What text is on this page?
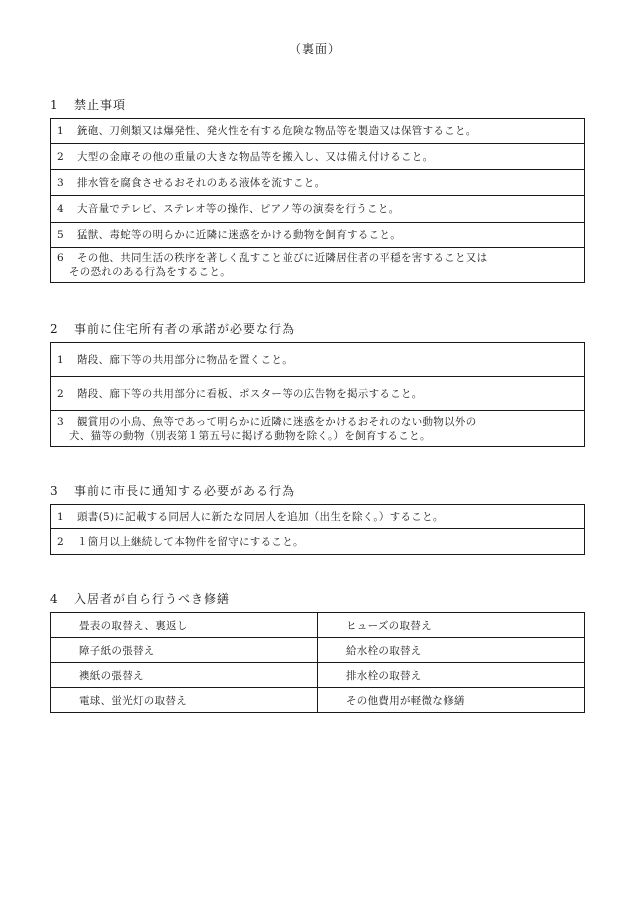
（裏面）
1 禁止事項
1 銃砲、刀剣類又は爆発性、発火性を有する危険な物品等を製造又は保管すること。
2 大型の金庫その他の重量の大きな物品等を搬入し、又は備え付けること。
3 排水管を腐食させるおそれのある液体を流すこと。
4 大音量でテレビ、ステレオ等の操作、ピアノ等の演奏を行うこと。
5 猛獣、毒蛇等の明らかに近隣に迷惑をかける動物を飼育すること。
6 その他、共同生活の秩序を著しく乱すこと並びに近隣居住者の平穏を害すること又は
その恐れのある行為をすること。
2 事前に住宅所有者の承諾が必要な行為
1 階段、廊下等の共用部分に物品を置くこと。
2 階段、廊下等の共用部分に看板、ポスター等の広告物を掲示すること。
3 観賞用の小鳥、魚等であって明らかに近隣に迷惑をかけるおそれのない動物以外の
犬、猫等の動物（別表第１第五号に掲げる動物を除く。）を飼育すること。
3 事前に市長に通知する必要がある行為
1 頭書(5)に記載する同居人に新たな同居人を追加（出生を除く。）すること。
2 １箇月以上継続して本物件を留守にすること。
4 入居者が自ら行うべき修繕
畳表の取替え、裏返し	ヒューズの取替え
障子紙の張替え	給水栓の取替え
襖紙の張替え	排水栓の取替え
電球、蛍光灯の取替え	その他費用が軽微な修繕
